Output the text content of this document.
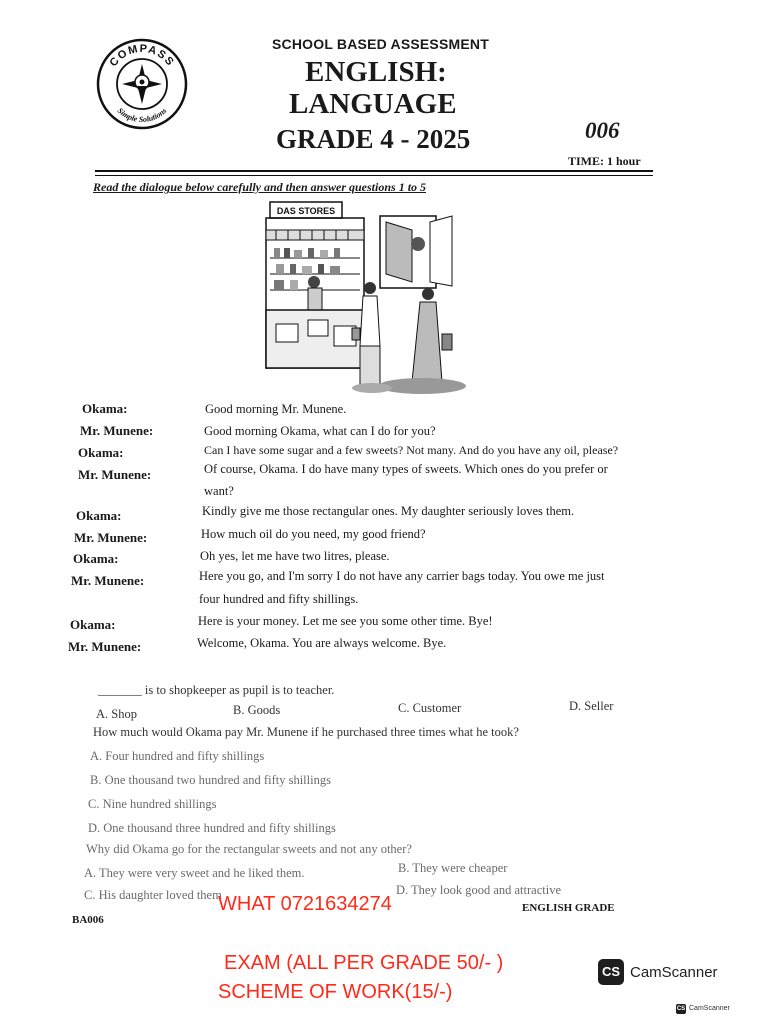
SCHOOL BASED ASSESSMENT
ENGLISH:
LANGUAGE
GRADE 4 - 2025	006
TIME: 1 hour
Read the dialogue below carefully and then answer questions 1 to 5
COMPASS
Simple Solutions
DAS STORES
Okama:	Good morning Mr. Munene.
Mr. Munene:	Good morning Okama, what can I do for you?
Okama:	Can I have some sugar and a few sweets? Not many. And do you have any oil, please?
Mr. Munene:	Of course, Okama. I do have many types of sweets. Which ones do you prefer or
want?
Okama:	Kindly give me those rectangular ones. My daughter seriously loves them.
Mr. Munene:	How much oil do you need, my good friend?
Okama:	Oh yes, let me have two litres, please.
Mr. Munene:	Here you go, and I'm sorry I do not have any carrier bags today. You owe me just
four hundred and fifty shillings.
Okama:	Here is your money. Let me see you some other time. Bye!
Mr. Munene:	Welcome, Okama. You are always welcome. Bye.
_______ is to shopkeeper as pupil is to teacher.
A. Shop	B. Goods	C. Customer	D. Seller
How much would Okama pay Mr. Munene if he purchased three times what he took?
A. Four hundred and fifty shillings
B. One thousand two hundred and fifty shillings
C. Nine hundred shillings
D. One thousand three hundred and fifty shillings
Why did Okama go for the rectangular sweets and not any other?
A. They were very sweet and he liked them.	B. They were cheaper
C. His daughter loved them	D. They look good and attractive
BA006
ENGLISH GRADE
WHAT 0721634274
EXAM (ALL PER GRADE 50/- )
SCHEME OF WORK(15/-)
CS CamScanner
CS CamScanner
